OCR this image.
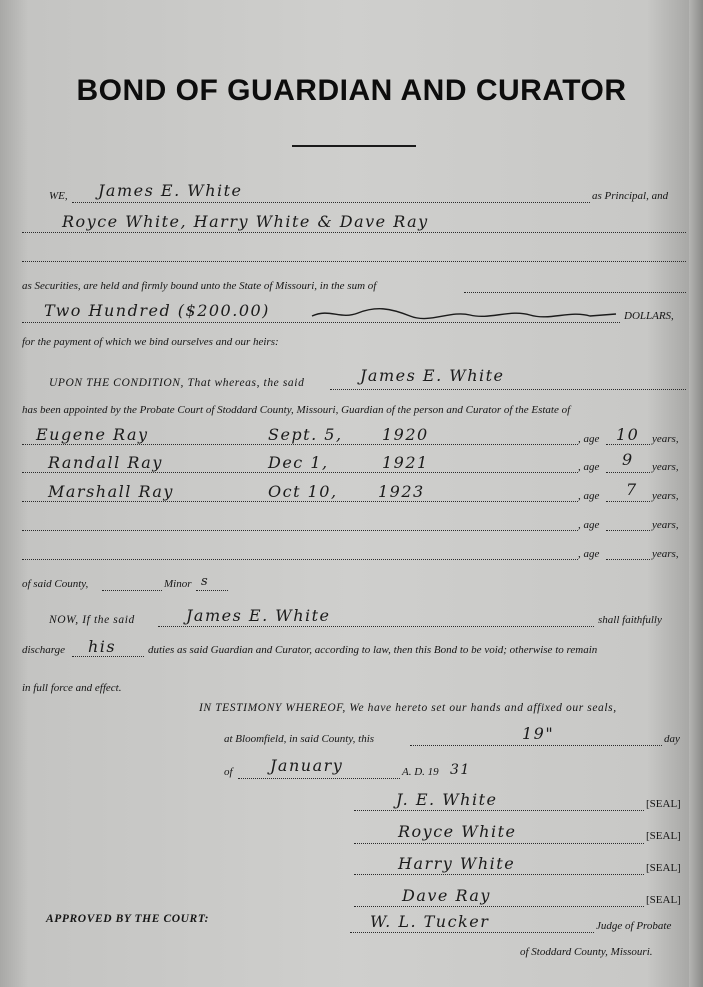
BOND OF GUARDIAN AND CURATOR
WE, James E. White	as Principal, and
Royce White, Harry White & Dave Ray
as Securities, are held and firmly bound unto the State of Missouri, in the sum of
Two Hundred ($200.00)	DOLLARS,
for the payment of which we bind ourselves and our heirs:
UPON THE CONDITION, That whereas, the said	James E. White
has been appointed by the Probate Court of Stoddard County, Missouri, Guardian of the person and Curator of the Estate of
Eugene Ray	Sept. 5, 1920	, age 10 years,
Randall Ray	Dec 1,	1921	, age 9 years,
Marshall Ray	Oct 10,	1923	, age 7 years,
, age	years,
, age	years,
of said County,	Minor s
NOW, If the said	James E. White	shall faithfully
discharge his	duties as said Guardian and Curator, according to law, then this Bond to be void; otherwise to remain
in full force and effect.
IN TESTIMONY WHEREOF, We have hereto set our hands and affixed our seals,
at Bloomfield, in said County, this	19"	day
of January	A. D. 19 31
J. E. White	[SEAL]
Royce White	[SEAL]
Harry White	[SEAL]
Dave Ray	[SEAL]
APPROVED BY THE COURT:	W. L. Tucker	Judge of Probate
of Stoddard County, Missouri.
